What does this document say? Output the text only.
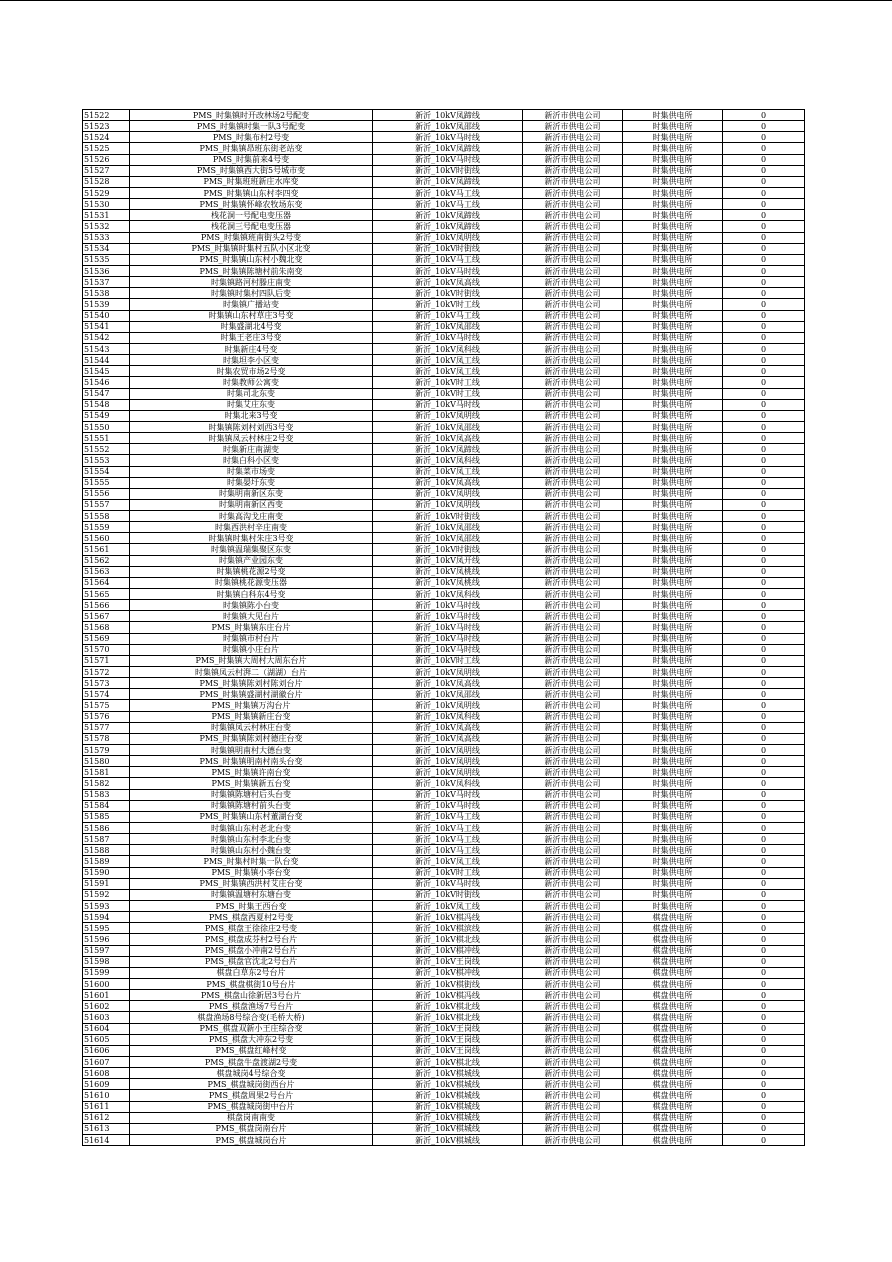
51522	PMS_时集镇时开改林场2号配变	新沂_10kV凤蹄线	新沂市供电公司	时集供电所	0
51523	PMS_时集镇时集一队3号配变	新沂_10kV凤邵线	新沂市供电公司	时集供电所	0
51524	PMS_时集布村2号变	新沂_10kV马时线	新沂市供电公司	时集供电所	0
51525	PMS_时集镇昂班东街老站变	新沂_10kV凤蹄线	新沂市供电公司	时集供电所	0
51526	PMS_时集前来4号变	新沂_10kV马时线	新沂市供电公司	时集供电所	0
51527	PMS_时集镇西大街5号城市变	新沂_10kV时街线	新沂市供电公司	时集供电所	0
51528	PMS_时集班班新庄水库变	新沂_10kV凤蹄线	新沂市供电公司	时集供电所	0
51529	PMS_时集镇山东村李四变	新沂_10kV马工线	新沂市供电公司	时集供电所	0
51530	PMS_时集镇怀峰农牧场东变	新沂_10kV马工线	新沂市供电公司	时集供电所	0
51531	栈花洞一号配电变压器	新沂_10kV凤蹄线	新沂市供电公司	时集供电所	0
51532	栈花洞三号配电变压器	新沂_10kV凤蹄线	新沂市供电公司	时集供电所	0
51533	PMS_时集镇班南街头2号变	新沂_10kV凤明线	新沂市供电公司	时集供电所	0
51534	PMS_时集镇时集村五队小区北变	新沂_10kV时街线	新沂市供电公司	时集供电所	0
51535	PMS_时集镇山东村小魏北变	新沂_10kV马工线	新沂市供电公司	时集供电所	0
51536	PMS_时集镇陈塘村前朱南变	新沂_10kV马时线	新沂市供电公司	时集供电所	0
51537	时集镇路河村滕庄南变	新沂_10kV凤高线	新沂市供电公司	时集供电所	0
51538	时集镇时集村四队后变	新沂_10kV时街线	新沂市供电公司	时集供电所	0
51539	时集镇广播站变	新沂_10kV时工线	新沂市供电公司	时集供电所	0
51540	时集镇山东村草庄3号变	新沂_10kV马工线	新沂市供电公司	时集供电所	0
51541	时集盛湖北4号变	新沂_10kV凤邵线	新沂市供电公司	时集供电所	0
51542	时集王老庄3号变	新沂_10kV马时线	新沂市供电公司	时集供电所	0
51543	时集新庄4号变	新沂_10kV凤科线	新沂市供电公司	时集供电所	0
51544	时集坦李小区变	新沂_10kV凤工线	新沂市供电公司	时集供电所	0
51545	时集农贸市场2号变	新沂_10kV凤工线	新沂市供电公司	时集供电所	0
51546	时集教师公寓变	新沂_10kV时工线	新沂市供电公司	时集供电所	0
51547	时集司北东变	新沂_10kV时工线	新沂市供电公司	时集供电所	0
51548	时集艾庄东变	新沂_10kV马时线	新沂市供电公司	时集供电所	0
51549	时集北来3号变	新沂_10kV凤明线	新沂市供电公司	时集供电所	0
51550	时集镇陈刘村刘西3号变	新沂_10kV凤邵线	新沂市供电公司	时集供电所	0
51551	时集镇凤云村林庄2号变	新沂_10kV凤高线	新沂市供电公司	时集供电所	0
51552	时集新庄南湖变	新沂_10kV凤蹄线	新沂市供电公司	时集供电所	0
51553	时集白科小区变	新沂_10kV凤科线	新沂市供电公司	时集供电所	0
51554	时集菜市场变	新沂_10kV凤工线	新沂市供电公司	时集供电所	0
51555	时集晏圩东变	新沂_10kV凤高线	新沂市供电公司	时集供电所	0
51556	时集明南新区东变	新沂_10kV凤明线	新沂市供电公司	时集供电所	0
51557	时集明南新区西变	新沂_10kV凤明线	新沂市供电公司	时集供电所	0
51558	时集高沟戈庄南变	新沂_10kV时街线	新沂市供电公司	时集供电所	0
51559	时集西洪村辛庄南变	新沂_10kV凤邵线	新沂市供电公司	时集供电所	0
51560	时集镇时集村朱庄3号变	新沂_10kV凤邵线	新沂市供电公司	时集供电所	0
51561	时集镇温瑞集聚区东变	新沂_10kV时街线	新沂市供电公司	时集供电所	0
51562	时集镇产业园东变	新沂_10kV凤开线	新沂市供电公司	时集供电所	0
51563	时集镇桃花源2号变	新沂_10kV凤桃线	新沂市供电公司	时集供电所	0
51564	时集镇桃花源变压器	新沂_10kV凤桃线	新沂市供电公司	时集供电所	0
51565	时集镇白科东4号变	新沂_10kV凤科线	新沂市供电公司	时集供电所	0
51566	时集镇陈小台变	新沂_10kV马时线	新沂市供电公司	时集供电所	0
51567	时集镇大见台片	新沂_10kV马时线	新沂市供电公司	时集供电所	0
51568	PMS_时集镇东庄台片	新沂_10kV马时线	新沂市供电公司	时集供电所	0
51569	时集镇市村台片	新沂_10kV马时线	新沂市供电公司	时集供电所	0
51570	时集镇小庄台片	新沂_10kV马时线	新沂市供电公司	时集供电所	0
51571	PMS_时集镇大周村大周东台片	新沂_10kV时工线	新沂市供电公司	时集供电所	0
51572	时集镇凤云村湃二（湖湖）台片	新沂_10kV凤明线	新沂市供电公司	时集供电所	0
51573	PMS_时集镇陈刘村陈刘台片	新沂_10kV凤高线	新沂市供电公司	时集供电所	0
51574	PMS_时集镇盛湖村湖徽台片	新沂_10kV凤邵线	新沂市供电公司	时集供电所	0
51575	PMS_时集镇万沟台片	新沂_10kV凤明线	新沂市供电公司	时集供电所	0
51576	PMS_时集镇新庄台变	新沂_10kV凤科线	新沂市供电公司	时集供电所	0
51577	时集镇凤云村林庄台变	新沂_10kV凤高线	新沂市供电公司	时集供电所	0
51578	PMS_时集镇陈刘村德庄台变	新沂_10kV凤高线	新沂市供电公司	时集供电所	0
51579	时集镇明南村大德台变	新沂_10kV凤明线	新沂市供电公司	时集供电所	0
51580	PMS_时集镇明南村南头台变	新沂_10kV凤明线	新沂市供电公司	时集供电所	0
51581	PMS_时集镇许南台变	新沂_10kV凤明线	新沂市供电公司	时集供电所	0
51582	PMS_时集镇新五台变	新沂_10kV凤科线	新沂市供电公司	时集供电所	0
51583	时集镇陈塘村后头台变	新沂_10kV马时线	新沂市供电公司	时集供电所	0
51584	时集镇陈塘村前头台变	新沂_10kV马时线	新沂市供电公司	时集供电所	0
51585	PMS_时集镇山东村董湖台变	新沂_10kV马工线	新沂市供电公司	时集供电所	0
51586	时集镇山东村老北台变	新沂_10kV马工线	新沂市供电公司	时集供电所	0
51587	时集镇山东村李北台变	新沂_10kV马工线	新沂市供电公司	时集供电所	0
51588	时集镇山东村小魏台变	新沂_10kV马工线	新沂市供电公司	时集供电所	0
51589	PMS_时集村时集一队台变	新沂_10kV凤工线	新沂市供电公司	时集供电所	0
51590	PMS_时集镇小李台变	新沂_10kV时工线	新沂市供电公司	时集供电所	0
51591	PMS_时集镇西洪村艾庄台变	新沂_10kV马时线	新沂市供电公司	时集供电所	0
51592	时集镇温塘村东塘台变	新沂_10kV时街线	新沂市供电公司	时集供电所	0
51593	PMS_时集王西台变	新沂_10kV凤工线	新沂市供电公司	时集供电所	0
51594	PMS_棋盘西夏村2号变	新沂_10kV棋冯线	新沂市供电公司	棋盘供电所	0
51595	PMS_棋盘王徐徐庄2号变	新沂_10kV棋滨线	新沂市供电公司	棋盘供电所	0
51596	PMS_棋盘成芬村2号台片	新沂_10kV棋北线	新沂市供电公司	棋盘供电所	0
51597	PMS_棋盘小冲南2号台片	新沂_10kV棋冲线	新沂市供电公司	棋盘供电所	0
51598	PMS_棋盘官沈北2号台片	新沂_10kV王岗线	新沂市供电公司	棋盘供电所	0
51599	棋盘白草东2号台片	新沂_10kV棋冲线	新沂市供电公司	棋盘供电所	0
51600	PMS_棋盘棋街10号台片	新沂_10kV棋街线	新沂市供电公司	棋盘供电所	0
51601	PMS_棋盘山徐新居3号台片	新沂_10kV棋冯线	新沂市供电公司	棋盘供电所	0
51602	PMS_棋盘渔场7号台片	新沂_10kV棋北线	新沂市供电公司	棋盘供电所	0
51603	棋盘渔场8号综合变(毛桥大桥)	新沂_10kV棋北线	新沂市供电公司	棋盘供电所	0
51604	PMS_棋盘双新小王庄综合变	新沂_10kV王岗线	新沂市供电公司	棋盘供电所	0
51605	PMS_棋盘大冲东2号变	新沂_10kV王岗线	新沂市供电公司	棋盘供电所	0
51606	PMS_棋盘红峰村变	新沂_10kV王岗线	新沂市供电公司	棋盘供电所	0
51607	PMS_棋盘牛盘渡湖2号变	新沂_10kV棋北线	新沂市供电公司	棋盘供电所	0
51608	棋盘城岗4号综合变	新沂_10kV棋城线	新沂市供电公司	棋盘供电所	0
51609	PMS_棋盘城岗街西台片	新沂_10kV棋城线	新沂市供电公司	棋盘供电所	0
51610	PMS_棋盘周果2号台片	新沂_10kV棋城线	新沂市供电公司	棋盘供电所	0
51611	PMS_棋盘城岗街中台片	新沂_10kV棋城线	新沂市供电公司	棋盘供电所	0
51612	棋盘岗南南变	新沂_10kV棋城线	新沂市供电公司	棋盘供电所	0
51613	PMS_棋盘岗南台片	新沂_10kV棋城线	新沂市供电公司	棋盘供电所	0
51614	PMS_棋盘城岗台片	新沂_10kV棋城线	新沂市供电公司	棋盘供电所	0
